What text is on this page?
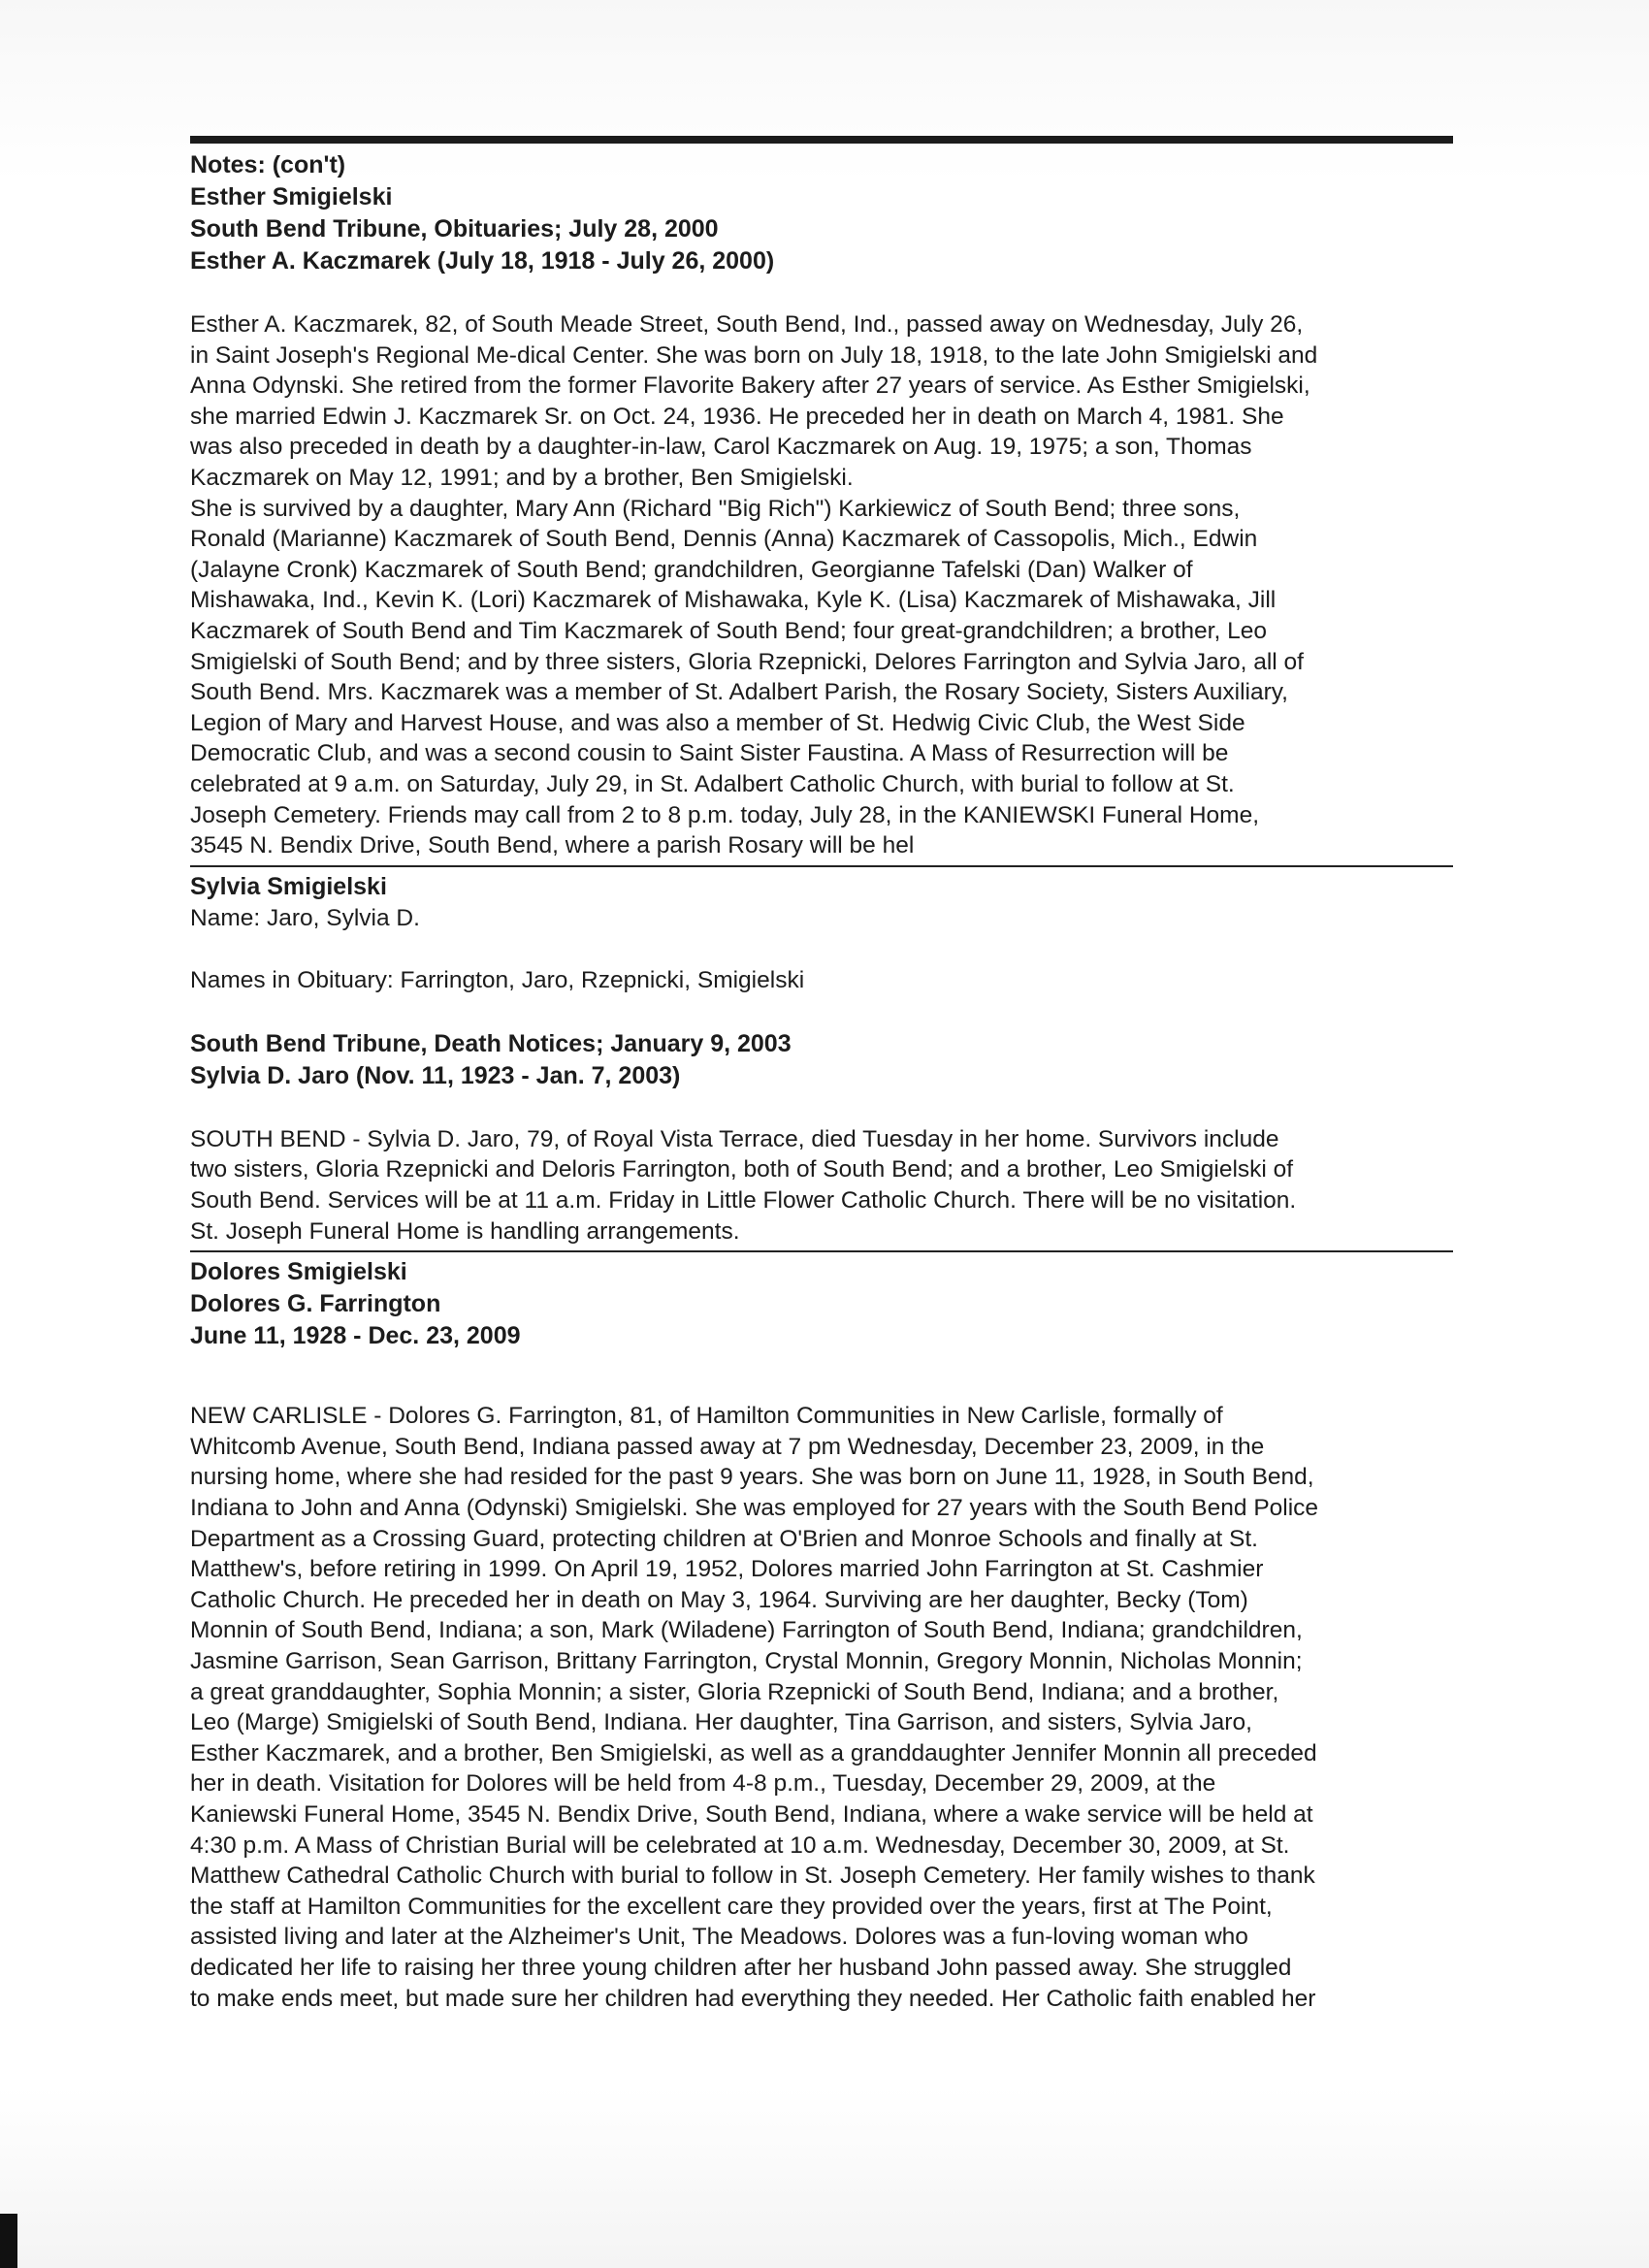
Notes: (con't)
Esther Smigielski
South Bend Tribune, Obituaries; July 28, 2000
Esther A. Kaczmarek (July 18, 1918 - July 26, 2000)
Esther A. Kaczmarek, 82, of South Meade Street, South Bend, Ind., passed away on Wednesday, July 26,
in Saint Joseph's Regional Me-dical Center. She was born on July 18, 1918, to the late John Smigielski and
Anna Odynski. She retired from the former Flavorite Bakery after 27 years of service. As Esther Smigielski,
she married Edwin J. Kaczmarek Sr. on Oct. 24, 1936. He preceded her in death on March 4, 1981. She
was also preceded in death by a daughter-in-law, Carol Kaczmarek on Aug. 19, 1975; a son, Thomas
Kaczmarek on May 12, 1991; and by a brother, Ben Smigielski.
She is survived by a daughter, Mary Ann (Richard "Big Rich") Karkiewicz of South Bend; three sons,
Ronald (Marianne) Kaczmarek of South Bend, Dennis (Anna) Kaczmarek of Cassopolis, Mich., Edwin
(Jalayne Cronk) Kaczmarek of South Bend; grandchildren, Georgianne Tafelski (Dan) Walker of
Mishawaka, Ind., Kevin K. (Lori) Kaczmarek of Mishawaka, Kyle K. (Lisa) Kaczmarek of Mishawaka, Jill
Kaczmarek of South Bend and Tim Kaczmarek of South Bend; four great-grandchildren; a brother, Leo
Smigielski of South Bend; and by three sisters, Gloria Rzepnicki, Delores Farrington and Sylvia Jaro, all of
South Bend. Mrs. Kaczmarek was a member of St. Adalbert Parish, the Rosary Society, Sisters Auxiliary,
Legion of Mary and Harvest House, and was also a member of St. Hedwig Civic Club, the West Side
Democratic Club, and was a second cousin to Saint Sister Faustina. A Mass of Resurrection will be
celebrated at 9 a.m. on Saturday, July 29, in St. Adalbert Catholic Church, with burial to follow at St.
Joseph Cemetery. Friends may call from 2 to 8 p.m. today, July 28, in the KANIEWSKI Funeral Home,
3545 N. Bendix Drive, South Bend, where a parish Rosary will be hel
Sylvia Smigielski
Name: Jaro, Sylvia D.
Names in Obituary: Farrington, Jaro, Rzepnicki, Smigielski
South Bend Tribune, Death Notices; January 9, 2003
Sylvia D. Jaro (Nov. 11, 1923 - Jan. 7, 2003)
SOUTH BEND - Sylvia D. Jaro, 79, of Royal Vista Terrace, died Tuesday in her home. Survivors include
two sisters, Gloria Rzepnicki and Deloris Farrington, both of South Bend; and a brother, Leo Smigielski of
South Bend. Services will be at 11 a.m. Friday in Little Flower Catholic Church. There will be no visitation.
St. Joseph Funeral Home is handling arrangements.
Dolores Smigielski
Dolores G. Farrington
June 11, 1928 - Dec. 23, 2009
NEW CARLISLE - Dolores G. Farrington, 81, of Hamilton Communities in New Carlisle, formally of
Whitcomb Avenue, South Bend, Indiana passed away at 7 pm Wednesday, December 23, 2009, in the
nursing home, where she had resided for the past 9 years. She was born on June 11, 1928, in South Bend,
Indiana to John and Anna (Odynski) Smigielski. She was employed for 27 years with the South Bend Police
Department as a Crossing Guard, protecting children at O'Brien and Monroe Schools and finally at St.
Matthew's, before retiring in 1999. On April 19, 1952, Dolores married John Farrington at St. Cashmier
Catholic Church. He preceded her in death on May 3, 1964. Surviving are her daughter, Becky (Tom)
Monnin of South Bend, Indiana; a son, Mark (Wiladene) Farrington of South Bend, Indiana; grandchildren,
Jasmine Garrison, Sean Garrison, Brittany Farrington, Crystal Monnin, Gregory Monnin, Nicholas Monnin;
a great granddaughter, Sophia Monnin; a sister, Gloria Rzepnicki of South Bend, Indiana; and a brother,
Leo (Marge) Smigielski of South Bend, Indiana. Her daughter, Tina Garrison, and sisters, Sylvia Jaro,
Esther Kaczmarek, and a brother, Ben Smigielski, as well as a granddaughter Jennifer Monnin all preceded
her in death. Visitation for Dolores will be held from 4-8 p.m., Tuesday, December 29, 2009, at the
Kaniewski Funeral Home, 3545 N. Bendix Drive, South Bend, Indiana, where a wake service will be held at
4:30 p.m. A Mass of Christian Burial will be celebrated at 10 a.m. Wednesday, December 30, 2009, at St.
Matthew Cathedral Catholic Church with burial to follow in St. Joseph Cemetery. Her family wishes to thank
the staff at Hamilton Communities for the excellent care they provided over the years, first at The Point,
assisted living and later at the Alzheimer's Unit, The Meadows. Dolores was a fun-loving woman who
dedicated her life to raising her three young children after her husband John passed away. She struggled
to make ends meet, but made sure her children had everything they needed. Her Catholic faith enabled her
